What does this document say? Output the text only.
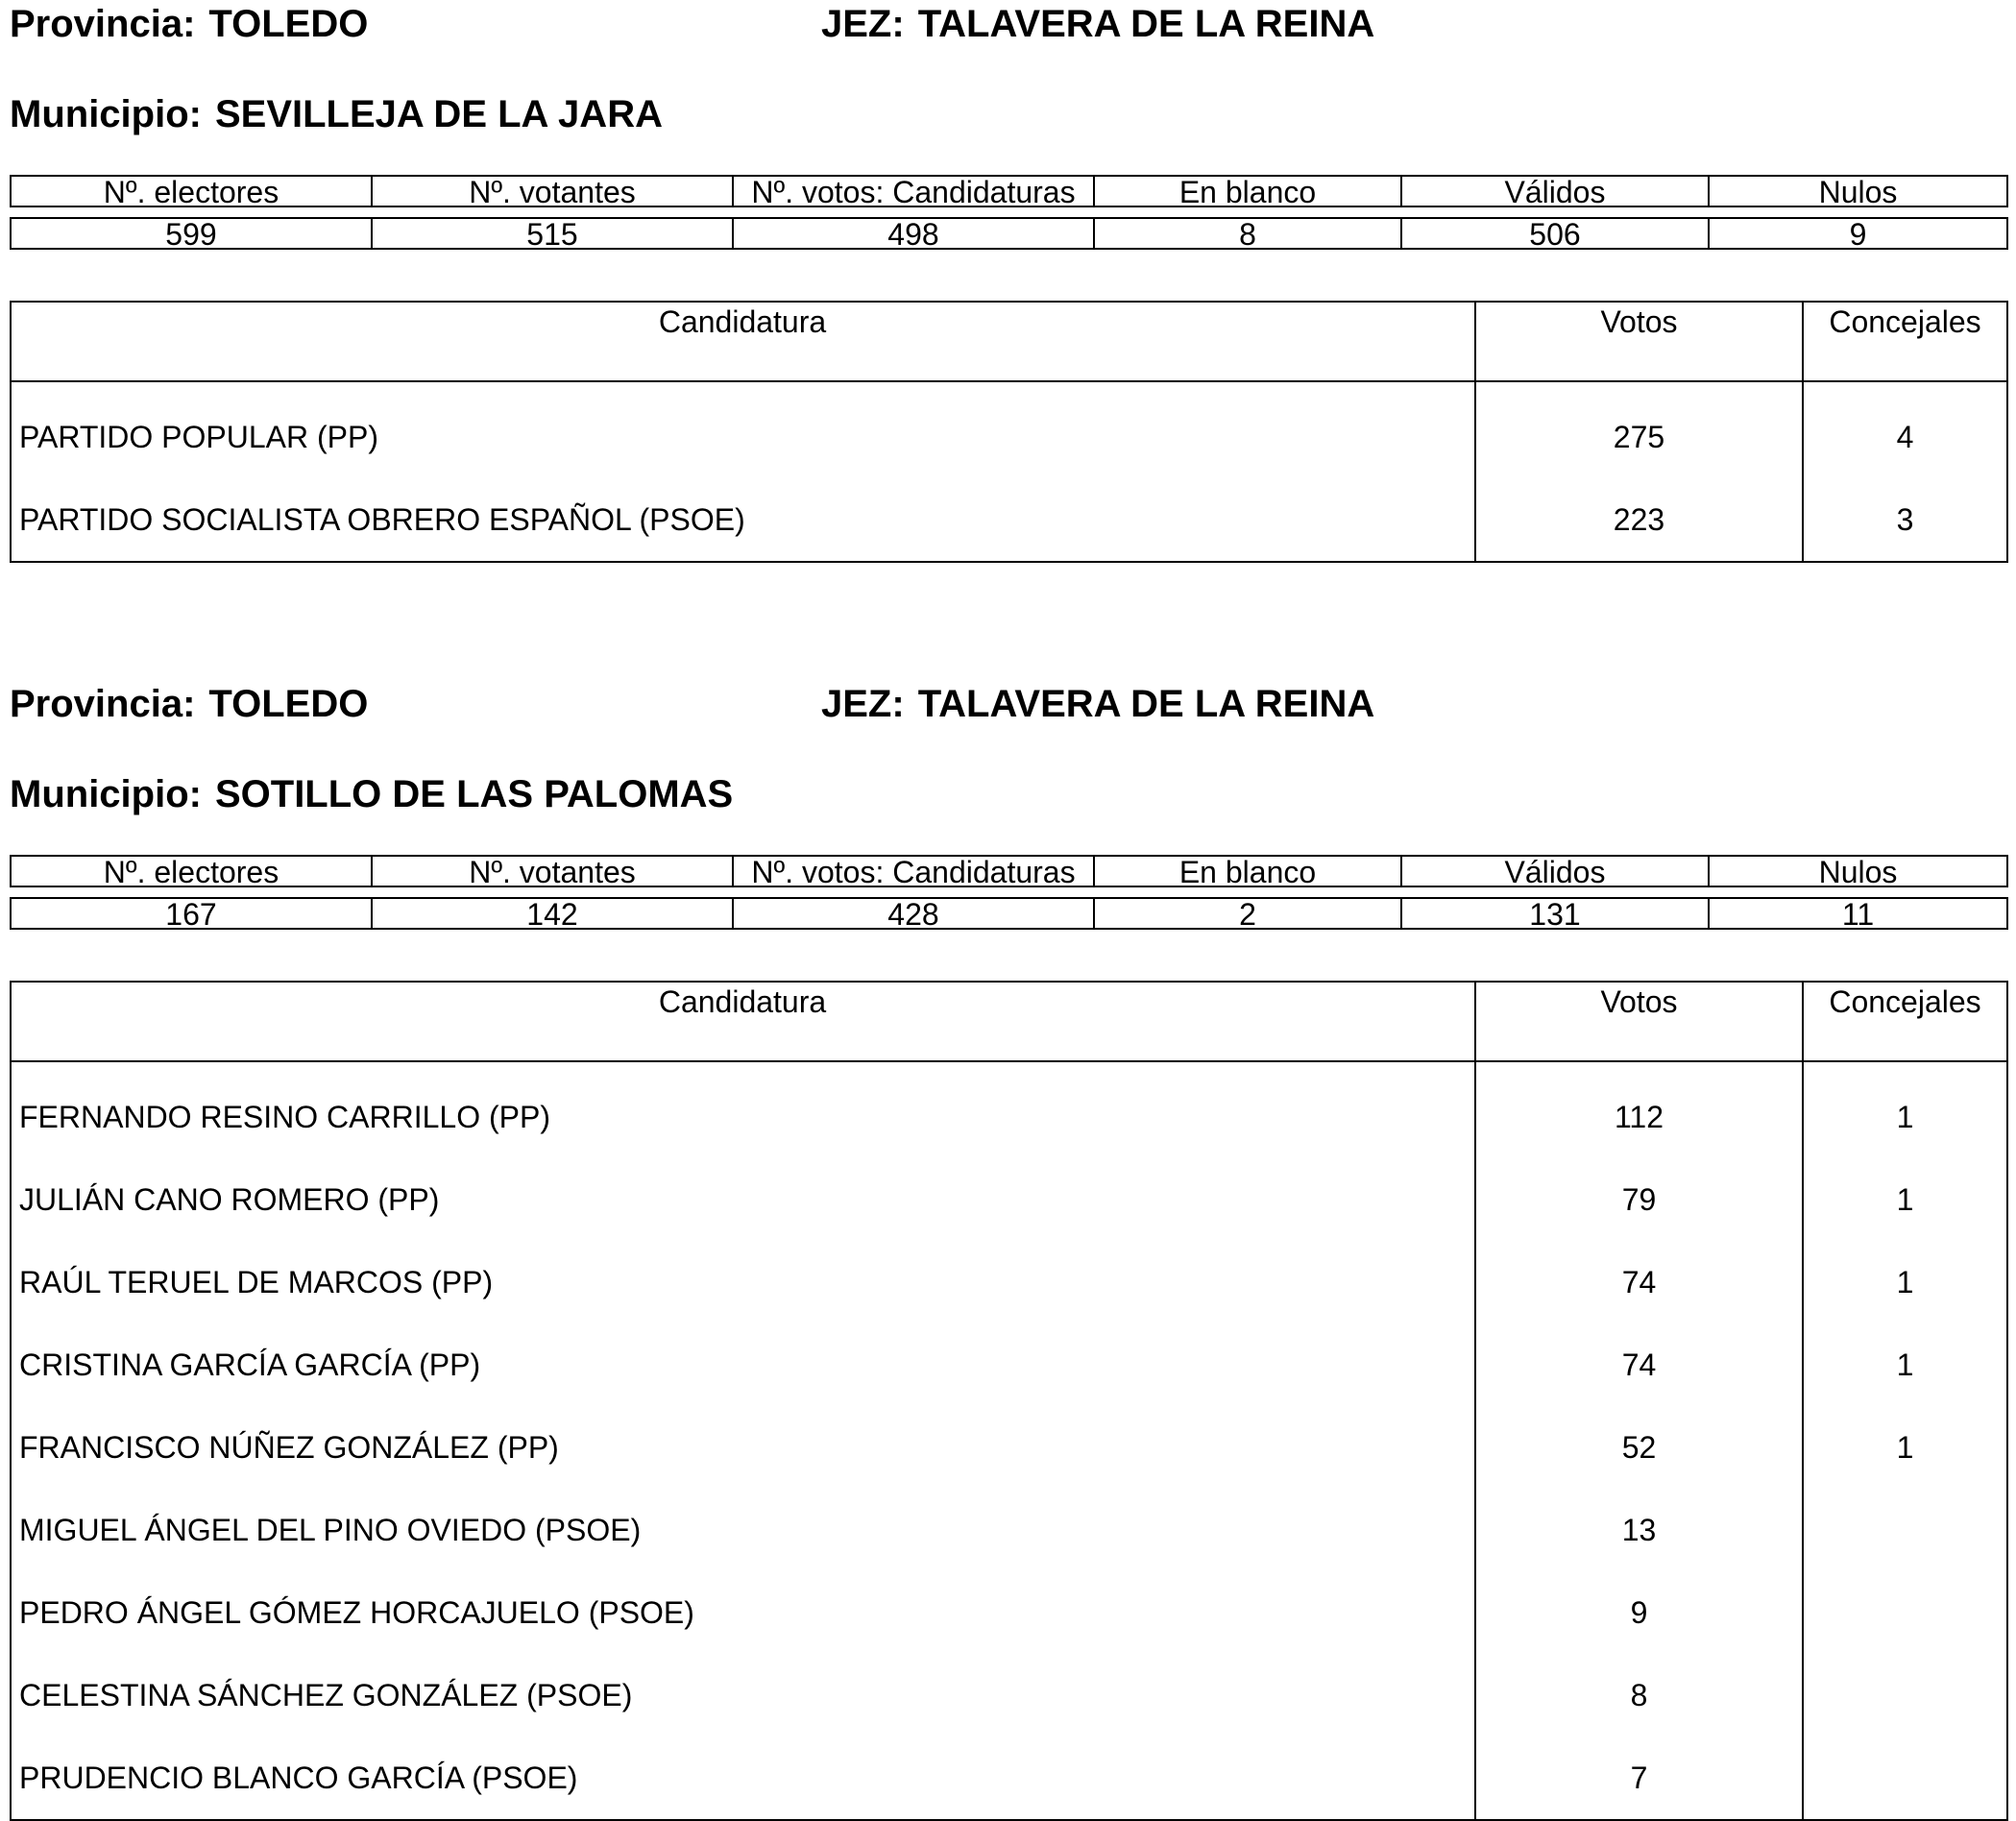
Provincia: TOLEDO	JEZ: TALAVERA DE LA REINA
Municipio: SEVILLEJA DE LA JARA
Nº. electores	Nº. votantes	Nº. votos: Candidaturas	En blanco	Válidos	Nulos
599	515	498	8	506	9
Candidatura	Votos	Concejales
PARTIDO POPULAR (PP)	275	4
PARTIDO SOCIALISTA OBRERO ESPAÑOL (PSOE)	223	3
Provincia: TOLEDO	JEZ: TALAVERA DE LA REINA
Municipio: SOTILLO DE LAS PALOMAS
Nº. electores	Nº. votantes	Nº. votos: Candidaturas	En blanco	Válidos	Nulos
167	142	428	2	131	11
Candidatura	Votos	Concejales
FERNANDO RESINO CARRILLO (PP)	112	1
JULIÁN CANO ROMERO (PP)	79	1
RAÚL TERUEL DE MARCOS (PP)	74	1
CRISTINA GARCÍA GARCÍA (PP)	74	1
FRANCISCO NÚÑEZ GONZÁLEZ (PP)	52	1
MIGUEL ÁNGEL DEL PINO OVIEDO (PSOE)	13	
PEDRO ÁNGEL GÓMEZ HORCAJUELO (PSOE)	9	
CELESTINA SÁNCHEZ GONZÁLEZ (PSOE)	8	
PRUDENCIO BLANCO GARCÍA (PSOE)	7	
